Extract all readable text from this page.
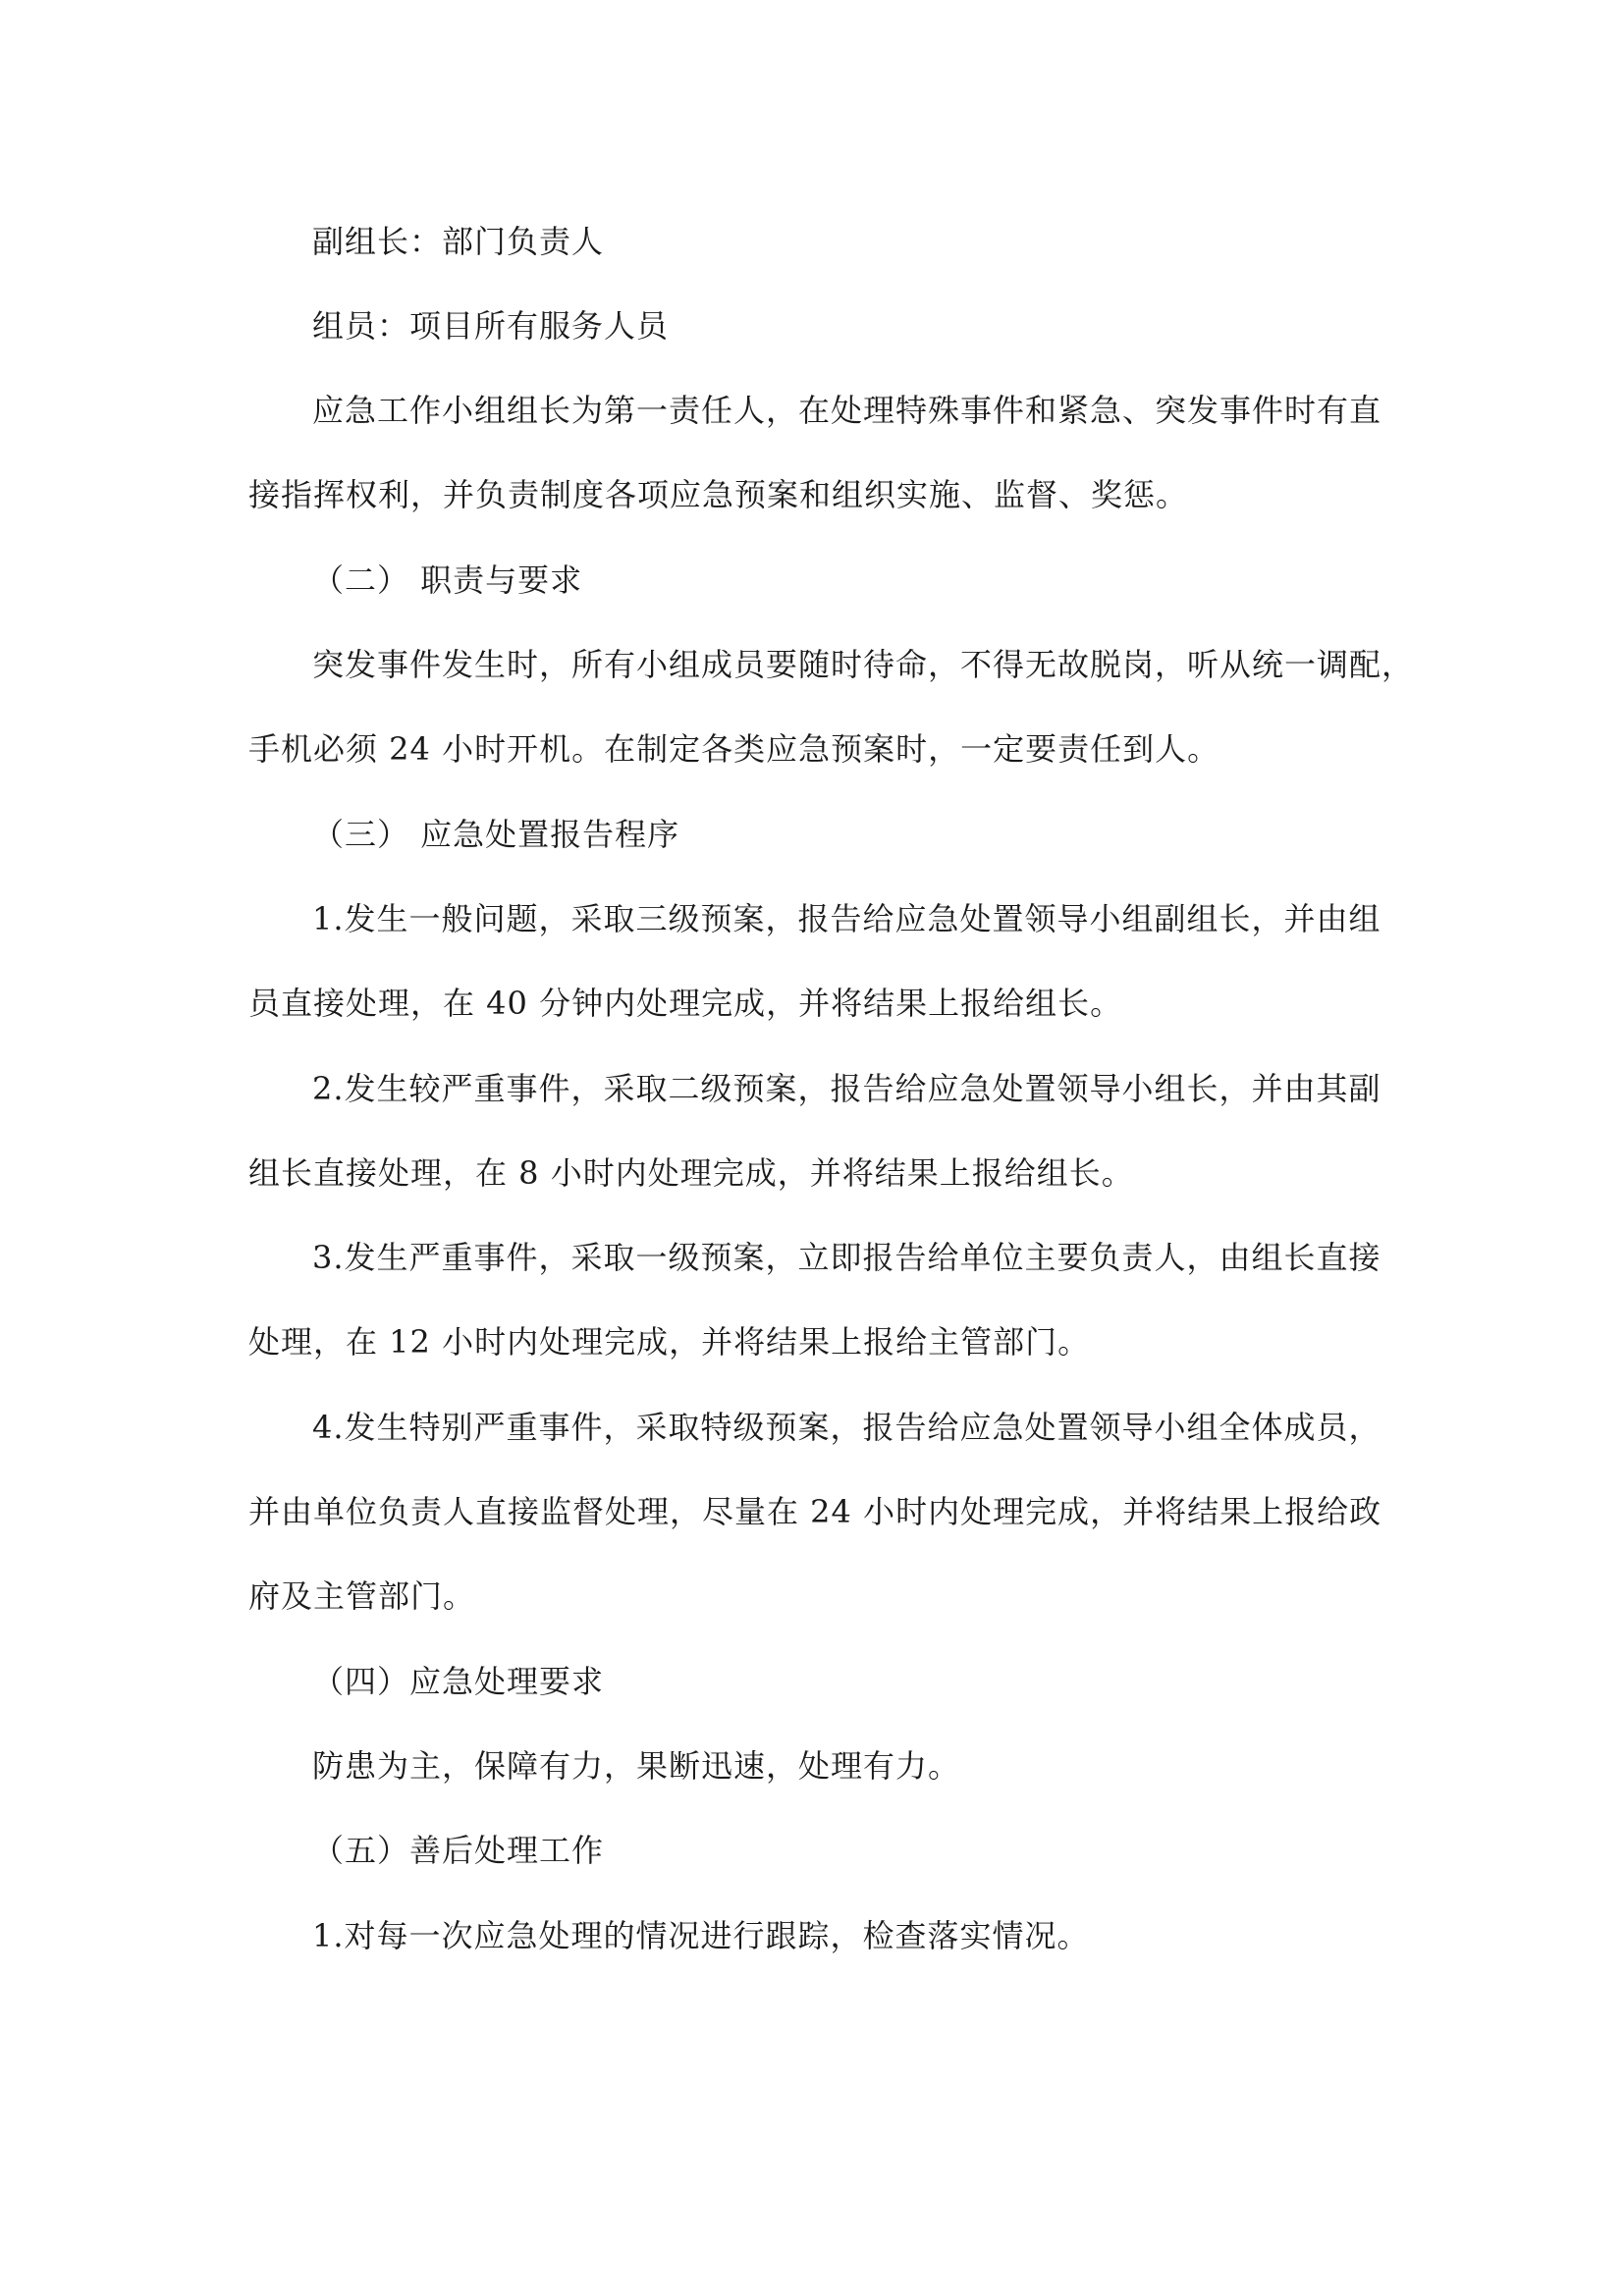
副组长：部门负责人
组员：项目所有服务人员
应急工作小组组长为第一责任人，在处理特殊事件和紧急、突发事件时有直
接指挥权利，并负责制度各项应急预案和组织实施、监督、奖惩。
（二） 职责与要求
突发事件发生时，所有小组成员要随时待命，不得无故脱岗，听从统一调配，
手机必须 24 小时开机。在制定各类应急预案时，一定要责任到人。
（三） 应急处置报告程序
1.发生一般问题，采取三级预案，报告给应急处置领导小组副组长，并由组
员直接处理，在 40 分钟内处理完成，并将结果上报给组长。
2.发生较严重事件，采取二级预案，报告给应急处置领导小组长，并由其副
组长直接处理，在 8 小时内处理完成，并将结果上报给组长。
3.发生严重事件，采取一级预案，立即报告给单位主要负责人，由组长直接
处理，在 12 小时内处理完成，并将结果上报给主管部门。
4.发生特别严重事件，采取特级预案，报告给应急处置领导小组全体成员，
并由单位负责人直接监督处理，尽量在 24 小时内处理完成，并将结果上报给政
府及主管部门。
（四）应急处理要求
防患为主，保障有力，果断迅速，处理有力。
（五）善后处理工作
1.对每一次应急处理的情况进行跟踪，检查落实情况。
